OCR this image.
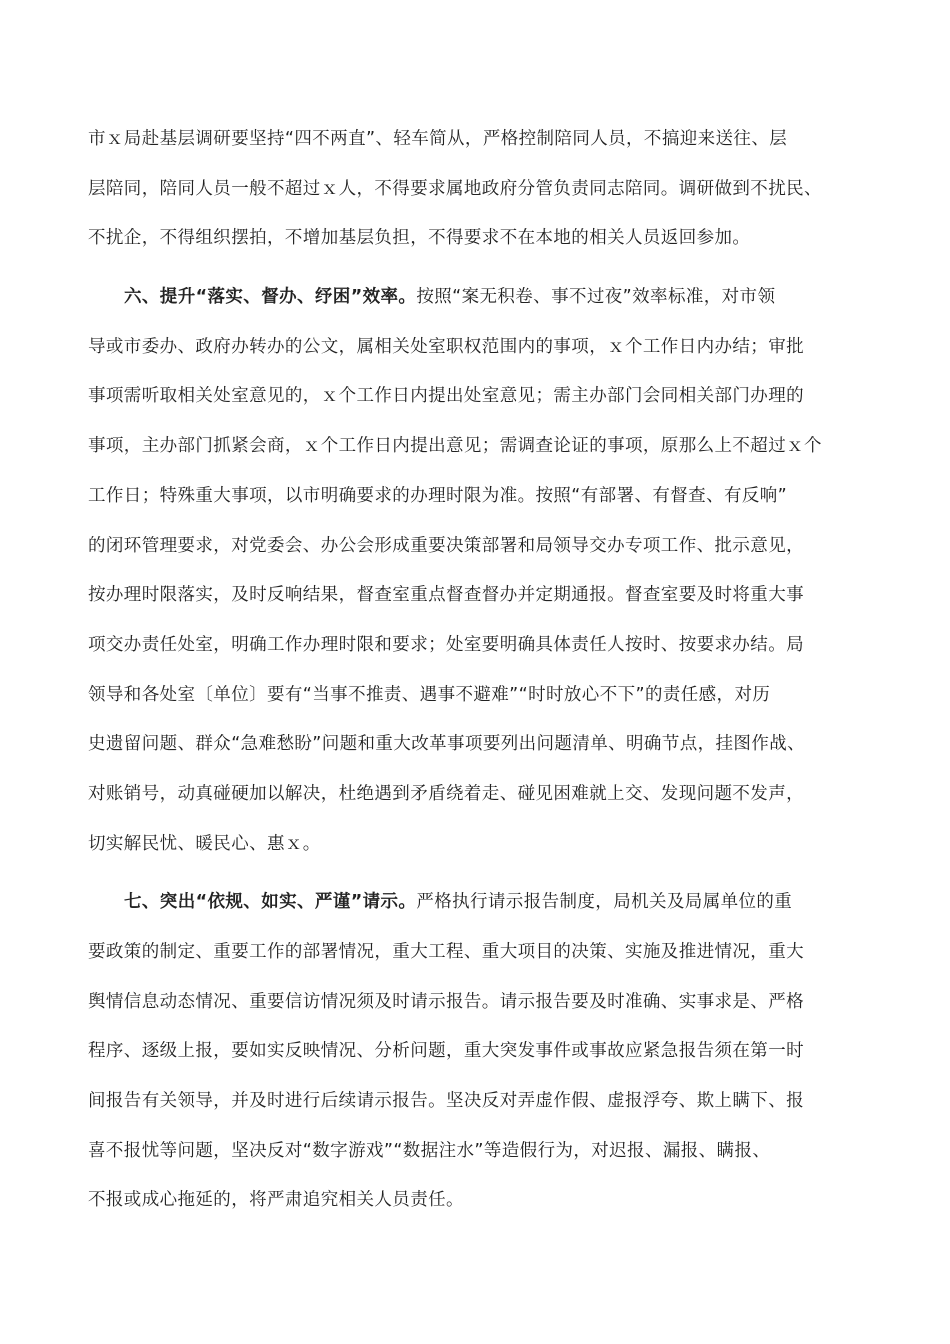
市ｘ局赴基层调研要坚持“四不两直”、轻车简从，严格控制陪同人员，不搞迎来送往、层
层陪同，陪同人员一般不超过ｘ人，不得要求属地政府分管负责同志陪同。调研做到不扰民、
不扰企，不得组织摆拍，不增加基层负担，不得要求不在本地的相关人员返回参加。
六、提升“落实、督办、纾困”效率。按照“案无积卷、事不过夜”效率标准，对市领
导或市委办、政府办转办的公文，属相关处室职权范围内的事项，ｘ个工作日内办结；审批
事项需听取相关处室意见的，ｘ个工作日内提出处室意见；需主办部门会同相关部门办理的
事项，主办部门抓紧会商，ｘ个工作日内提出意见；需调查论证的事项，原那么上不超过ｘ个
工作日；特殊重大事项，以市明确要求的办理时限为准。按照“有部署、有督查、有反响”
的闭环管理要求，对党委会、办公会形成重要决策部署和局领导交办专项工作、批示意见，
按办理时限落实，及时反响结果，督查室重点督查督办并定期通报。督查室要及时将重大事
项交办责任处室，明确工作办理时限和要求；处室要明确具体责任人按时、按要求办结。局
领导和各处室〔单位〕要有“当事不推责、遇事不避难”“时时放心不下”的责任感，对历
史遗留问题、群众“急难愁盼”问题和重大改革事项要列出问题清单、明确节点，挂图作战、
对账销号，动真碰硬加以解决，杜绝遇到矛盾绕着走、碰见困难就上交、发现问题不发声，
切实解民忧、暖民心、惠ｘ。
七、突出“依规、如实、严谨”请示。严格执行请示报告制度，局机关及局属单位的重
要政策的制定、重要工作的部署情况，重大工程、重大项目的决策、实施及推进情况，重大
舆情信息动态情况、重要信访情况须及时请示报告。请示报告要及时准确、实事求是、严格
程序、逐级上报，要如实反映情况、分析问题，重大突发事件或事故应紧急报告须在第一时
间报告有关领导，并及时进行后续请示报告。坚决反对弄虚作假、虚报浮夸、欺上瞒下、报
喜不报忧等问题，坚决反对“数字游戏”“数据注水”等造假行为，对迟报、漏报、瞒报、
不报或成心拖延的，将严肃追究相关人员责任。
